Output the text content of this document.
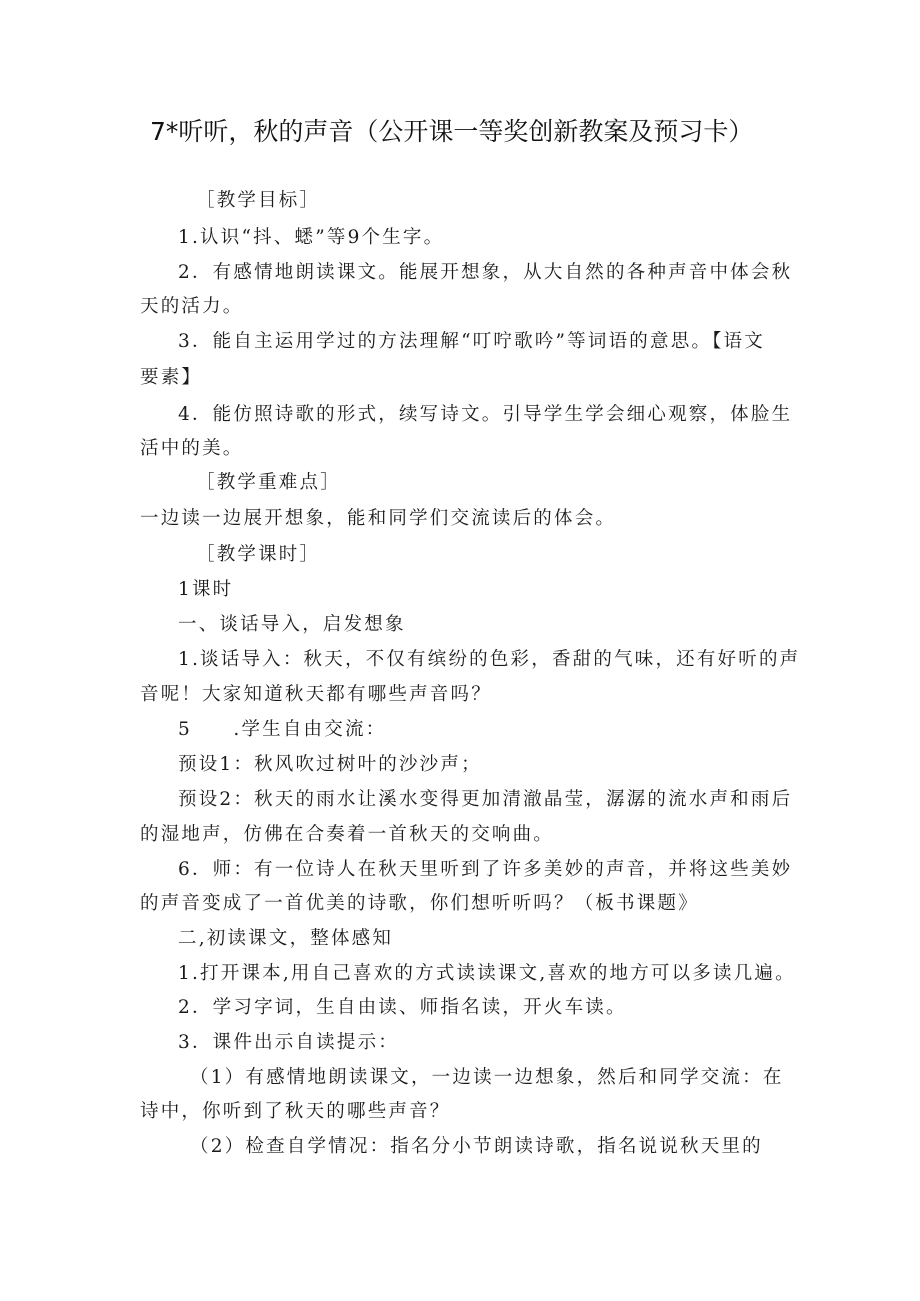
7*听听，秋的声音（公开课一等奖创新教案及预习卡）
［教学目标］
1.认识“抖、蟋”等9个生字。
2．有感情地朗读课文。能展开想象，从大自然的各种声音中体会秋
天的活力。
3．能自主运用学过的方法理解“叮咛歌吟”等词语的意思。【语文
要素】
4．能仿照诗歌的形式，续写诗文。引导学生学会细心观察，体脸生
活中的美。
［教学重难点］
一边读一边展开想象，能和同学们交流读后的体会。
［教学课时］
1课时
一、谈话导入，启发想象
1.谈话导入：秋天，不仅有缤纷的色彩，香甜的气味，还有好听的声
音呢！大家知道秋天都有哪些声音吗？
5　　.学生自由交流：
预设1：秋风吹过树叶的沙沙声；
预设2：秋天的雨水让溪水变得更加清澈晶莹，潺潺的流水声和雨后
的湿地声，仿佛在合奏着一首秋天的交响曲。
6．师：有一位诗人在秋天里听到了许多美妙的声音，并将这些美妙
的声音变成了一首优美的诗歌，你们想听听吗？（板书课题》
二,初读课文，整体感知
1.打开课本,用自己喜欢的方式读读课文,喜欢的地方可以多读几遍。
2．学习字词，生自由读、师指名读，开火车读。
3．课件出示自读提示：
（1）有感情地朗读课文，一边读一边想象，然后和同学交流：在
诗中，你听到了秋天的哪些声音？
（2）检查自学情况：指名分小节朗读诗歌，指名说说秋天里的
